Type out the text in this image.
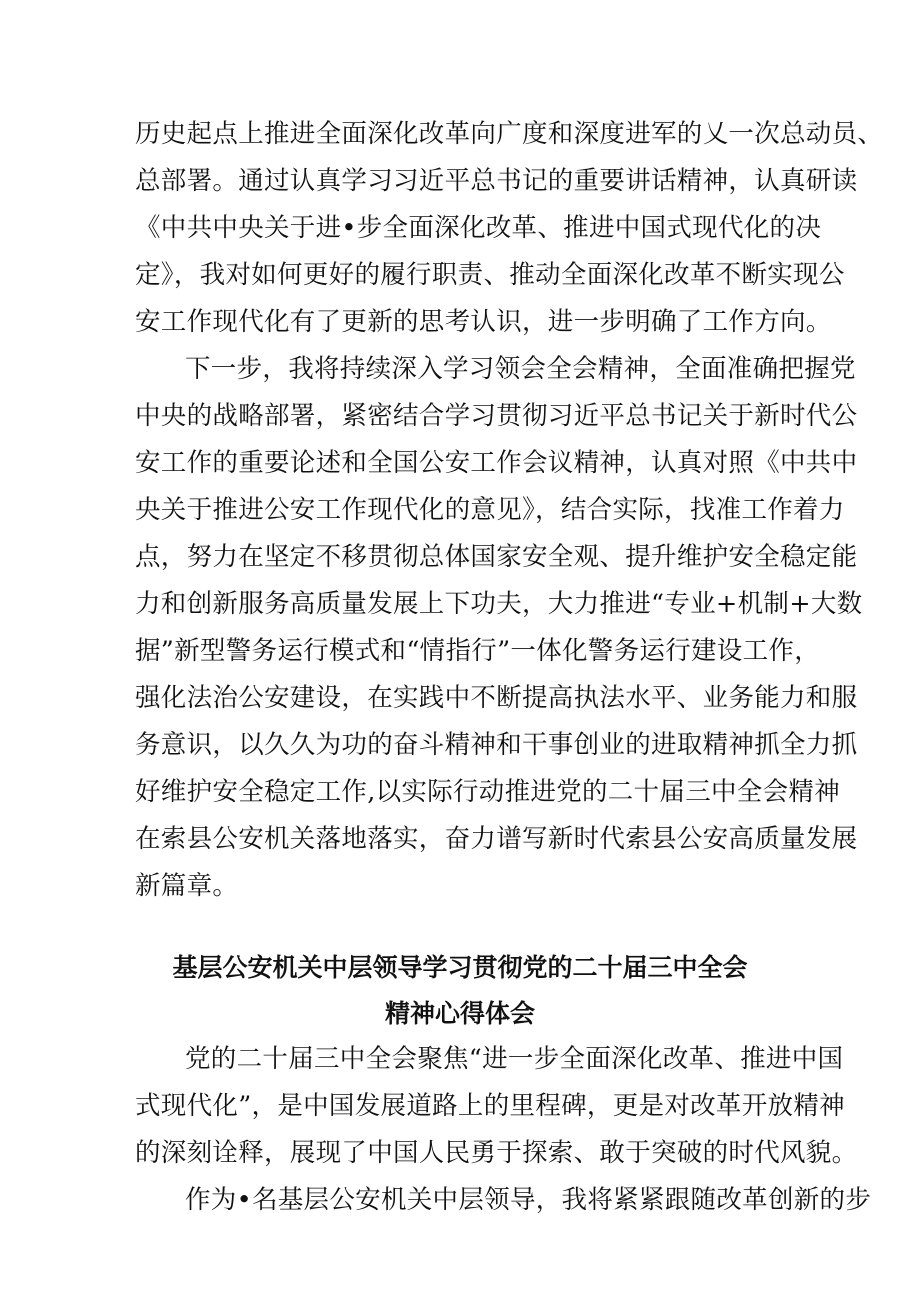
历史起点上推进全面深化改革向广度和深度进军的乂一次总动员、
总部署。通过认真学习习近平总书记的重要讲话精神，认真研读
《中共中央关于进•步全面深化改革、推进中国式现代化的决
定》，我对如何更好的履行职责、推动全面深化改革不断实现公
安工作现代化有了更新的思考认识，进一步明确了工作方向。
下一步，我将持续深入学习领会全会精神，全面准确把握党
中央的战略部署，紧密结合学习贯彻习近平总书记关于新时代公
安工作的重要论述和全国公安工作会议精神，认真对照《中共中
央关于推进公安工作现代化的意见》，结合实际，找准工作着力
点，努力在坚定不移贯彻总体国家安全观、提升维护安全稳定能
力和创新服务高质量发展上下功夫，大力推进“专业+机制+大数
据”新型警务运行模式和“情指行”一体化警务运行建设工作，
强化法治公安建设，在实践中不断提高执法水平、业务能力和服
务意识，以久久为功的奋斗精神和干事创业的进取精神抓全力抓
好维护安全稳定工作,以实际行动推进党的二十届三中全会精神
在索县公安机关落地落实，奋力谱写新时代索县公安高质量发展
新篇章。
基层公安机关中层领导学习贯彻党的二十届三中全会
精神心得体会
党的二十届三中全会聚焦“进一步全面深化改革、推进中国
式现代化”，是中国发展道路上的里程碑，更是对改革开放精神
的深刻诠释，展现了中国人民勇于探索、敢于突破的时代风貌。
作为•名基层公安机关中层领导，我将紧紧跟随改革创新的步
